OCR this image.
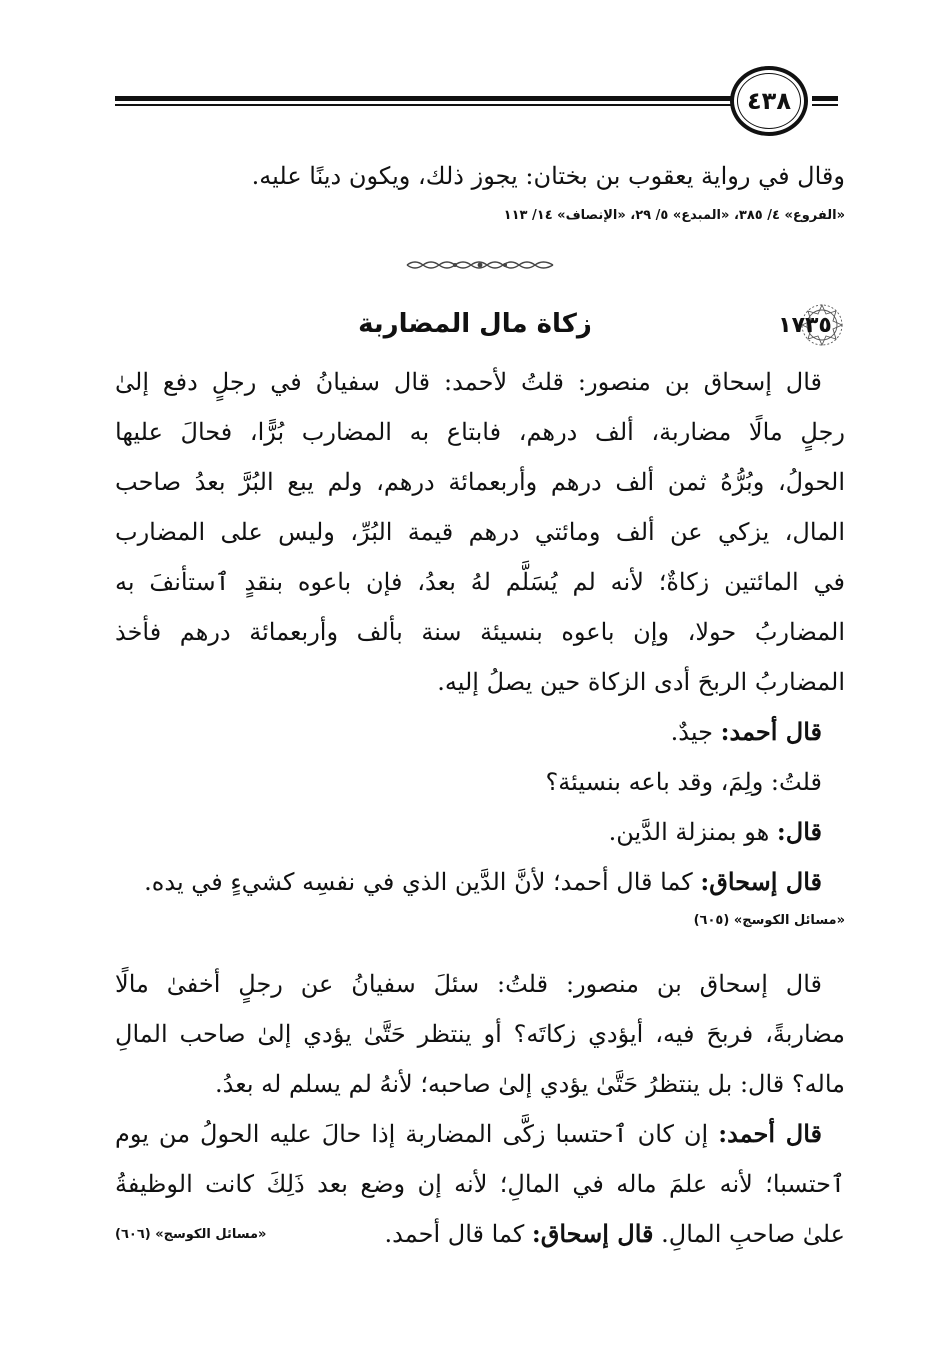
٤٣٨
وقال في رواية يعقوب بن بختان: يجوز ذلك، ويكون دينًا عليه.
«الفروع» ٤/ ٣٨٥، «المبدع» ٥/ ٢٩، «الإنصاف» ١٤/ ١١٣
١٧٣٥
زكاة مال المضاربة
قال إسحاق بن منصور: قلتُ لأحمد: قال سفيانُ في رجلٍ دفع إلىٰ
رجلٍ مالًا مضاربة، ألف درهم، فابتاع به المضارب بُرًّا، فحالَ عليها
الحولُ، وبُرُّهُ ثمن ألف درهم وأربعمائة درهم، ولم يبع البُرَّ بعدُ صاحب
المال، يزكي عن ألف ومائتي درهم قيمة البُرِّ، وليس على المضارب
في المائتين زكاةٌ؛ لأنه لم يُسَلَّم لهُ بعدُ، فإن باعوه بنقدٍ ٱستأنفَ به
المضاربُ حولا، وإن باعوه بنسيئة سنة بألف وأربعمائة درهم فأخذ
المضاربُ الربحَ أدى الزكاة حين يصلُ إليه.
قال أحمد: جيدٌ.
قلتُ: ولِمَ، وقد باعه بنسيئة؟
قال: هو بمنزلة الدَّين.
قال إسحاق: كما قال أحمد؛ لأنَّ الدَّين الذي في نفسِه كشيءٍ في يده.
«مسائل الكوسج» (٦٠٥)
قال إسحاق بن منصور: قلتُ: سئلَ سفيانُ عن رجلٍ أخفىٰ مالًا
مضاربةً، فربحَ فيه، أيؤدي زكاتَه؟ أو ينتظر حَتَّىٰ يؤدي إلىٰ صاحب المالِ
ماله؟ قال: بل ينتظرُ حَتَّىٰ يؤدي إلىٰ صاحبه؛ لأنهُ لم يسلم له بعدُ.
قال أحمد: إن كان ٱحتسبا زكَّى المضاربة إذا حالَ عليه الحولُ من يوم
ٱحتسبا؛ لأنه علمَ ماله في المالِ؛ لأنه إن وضع بعد ذَلِكَ كانت الوظيفةُ
علىٰ صاحبِ المالِ. قال إسحاق: كما قال أحمد.
«مسائل الكوسج» (٦٠٦)
